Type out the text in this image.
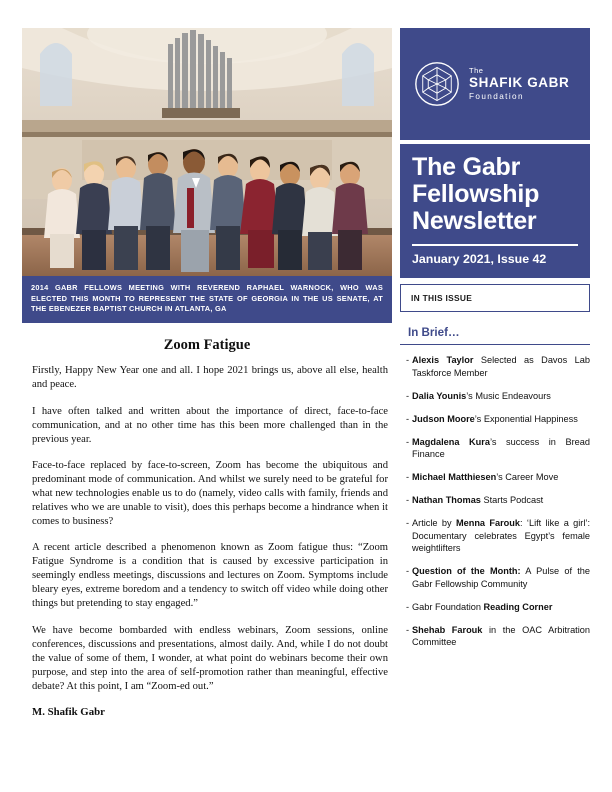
2014 GABR FELLOWS MEETING WITH REVEREND RAPHAEL WARNOCK, WHO WAS ELECTED THIS MONTH TO REPRESENT THE STATE OF GEORGIA IN THE US SENATE, AT THE EBENEZER BAPTIST CHURCH IN ATLANTA, GA
Zoom Fatigue

Firstly, Happy New Year one and all. I hope 2021 brings us, above all else, health and peace.

I have often talked and written about the importance of direct, face-to-face communication, and at no other time has this been more challenged than in the previous year.

Face-to-face replaced by face-to-screen, Zoom has become the ubiquitous and predominant mode of communication. And whilst we surely need to be grateful for what new technologies enable us to do (namely, video calls with family, friends and relatives who we are unable to visit), does this perhaps become a hindrance when it comes to business?

A recent article described a phenomenon known as Zoom fatigue thus: “Zoom Fatigue Syndrome is a condition that is caused by excessive participation in seemingly endless meetings, discussions and lectures on Zoom. Symptoms include bleary eyes, extreme boredom and a tendency to switch off video while doing other things but pretending to stay engaged.”

We have become bombarded with endless webinars, Zoom sessions, online conferences, discussions and presentations, almost daily. And, while I do not doubt the value of some of them, I wonder, at what point do webinars become their own purpose, and step into the area of self-promotion rather than meaningful, effective debate? At this point, I am “Zoom-ed out.”

M. Shafik Gabr
The
SHAFIK GABR
Foundation
The Gabr
Fellowship
Newsletter
January 2021, Issue 42
IN THIS ISSUE
In Brief…
- Alexis Taylor Selected as Davos Lab Taskforce Member
- Dalia Younis’s Music Endeavours
- Judson Moore’s Exponential Happiness
- Magdalena Kura’s success in Bread Finance
- Michael Matthiesen’s Career Move
- Nathan Thomas Starts Podcast
- Article by Menna Farouk: ‘Lift like a girl’: Documentary celebrates Egypt’s female weightlifters
- Question of the Month: A Pulse of the Gabr Fellowship Community
- Gabr Foundation Reading Corner
- Shehab Farouk in the OAC Arbitration Committee
